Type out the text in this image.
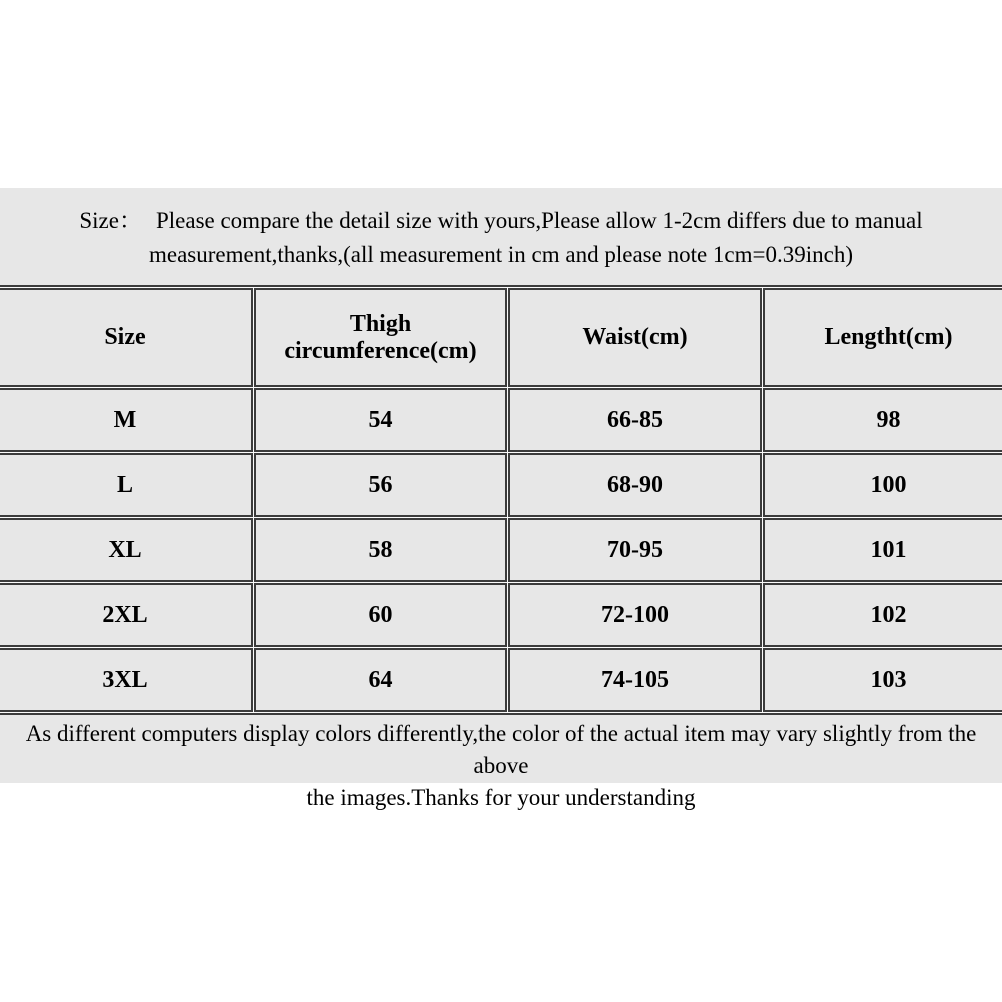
Size： Please compare the detail size with yours,Please allow 1-2cm differs due to manual
measurement,thanks,(all measurement in cm and please note 1cm=0.39inch)
Size	Thigh circumference(cm)	Waist(cm)	Lengtht(cm)
M	54	66-85	98
L	56	68-90	100
XL	58	70-95	101
2XL	60	72-100	102
3XL	64	74-105	103
As different computers display colors differently,the color of the actual item may vary slightly from the above
the images.Thanks for your understanding
